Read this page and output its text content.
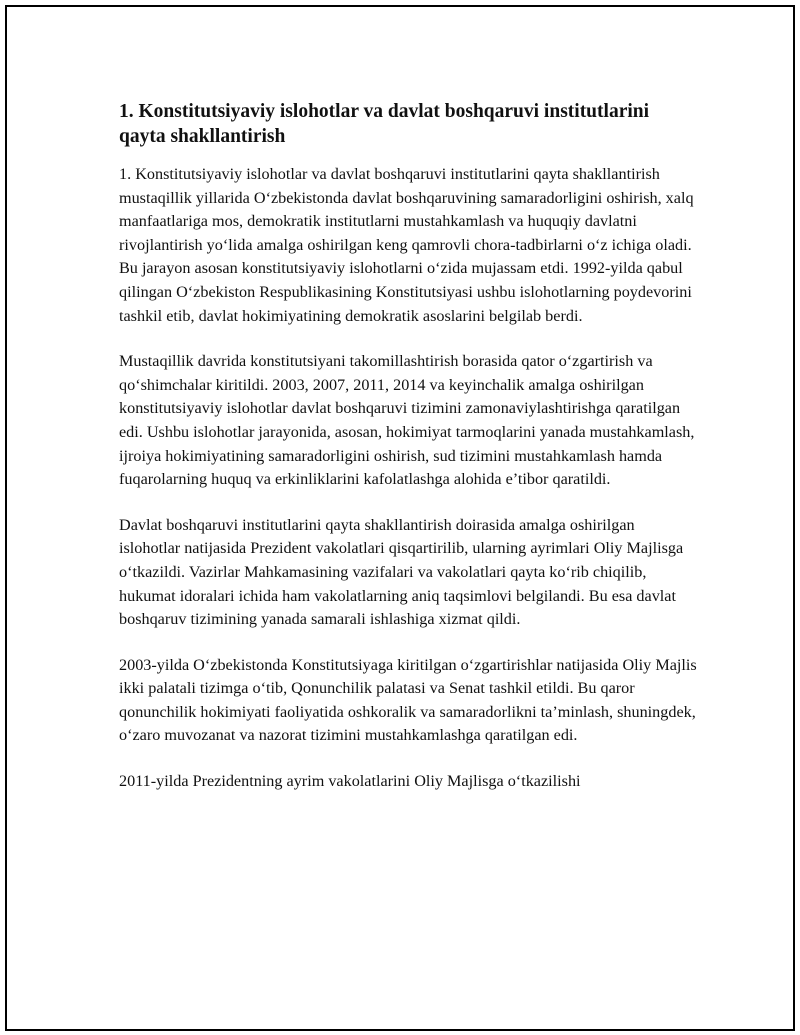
1. Konstitutsiyaviy islohotlar va davlat boshqaruvi institutlarini qayta shakllantirish

1. Konstitutsiyaviy islohotlar va davlat boshqaruvi institutlarini qayta shakllantirish mustaqillik yillarida O‘zbekistonda davlat boshqaruvining samaradorligini oshirish, xalq manfaatlariga mos, demokratik institutlarni mustahkamlash va huquqiy davlatni rivojlantirish yo‘lida amalga oshirilgan keng qamrovli chora-tadbirlarni o‘z ichiga oladi. Bu jarayon asosan konstitutsiyaviy islohotlarni o‘zida mujassam etdi. 1992-yilda qabul qilingan O‘zbekiston Respublikasining Konstitutsiyasi ushbu islohotlarning poydevorini tashkil etib, davlat hokimiyatining demokratik asoslarini belgilab berdi.

Mustaqillik davrida konstitutsiyani takomillashtirish borasida qator o‘zgartirish va qo‘shimchalar kiritildi. 2003, 2007, 2011, 2014 va keyinchalik amalga oshirilgan konstitutsiyaviy islohotlar davlat boshqaruvi tizimini zamonaviylashtirishga qaratilgan edi. Ushbu islohotlar jarayonida, asosan, hokimiyat tarmoqlarini yanada mustahkamlash, ijroiya hokimiyatining samaradorligini oshirish, sud tizimini mustahkamlash hamda fuqarolarning huquq va erkinliklarini kafolatlashga alohida e’tibor qaratildi.

Davlat boshqaruvi institutlarini qayta shakllantirish doirasida amalga oshirilgan islohotlar natijasida Prezident vakolatlari qisqartirilib, ularning ayrimlari Oliy Majlisga o‘tkazildi. Vazirlar Mahkamasining vazifalari va vakolatlari qayta ko‘rib chiqilib, hukumat idoralari ichida ham vakolatlarning aniq taqsimlovi belgilandi. Bu esa davlat boshqaruv tizimining yanada samarali ishlashiga xizmat qildi.

2003-yilda O‘zbekistonda Konstitutsiyaga kiritilgan o‘zgartirishlar natijasida Oliy Majlis ikki palatali tizimga o‘tib, Qonunchilik palatasi va Senat tashkil etildi. Bu qaror qonunchilik hokimiyati faoliyatida oshkoralik va samaradorlikni ta’minlash, shuningdek, o‘zaro muvozanat va nazorat tizimini mustahkamlashga qaratilgan edi.

2011-yilda Prezidentning ayrim vakolatlarini Oliy Majlisga o‘tkazilishi
